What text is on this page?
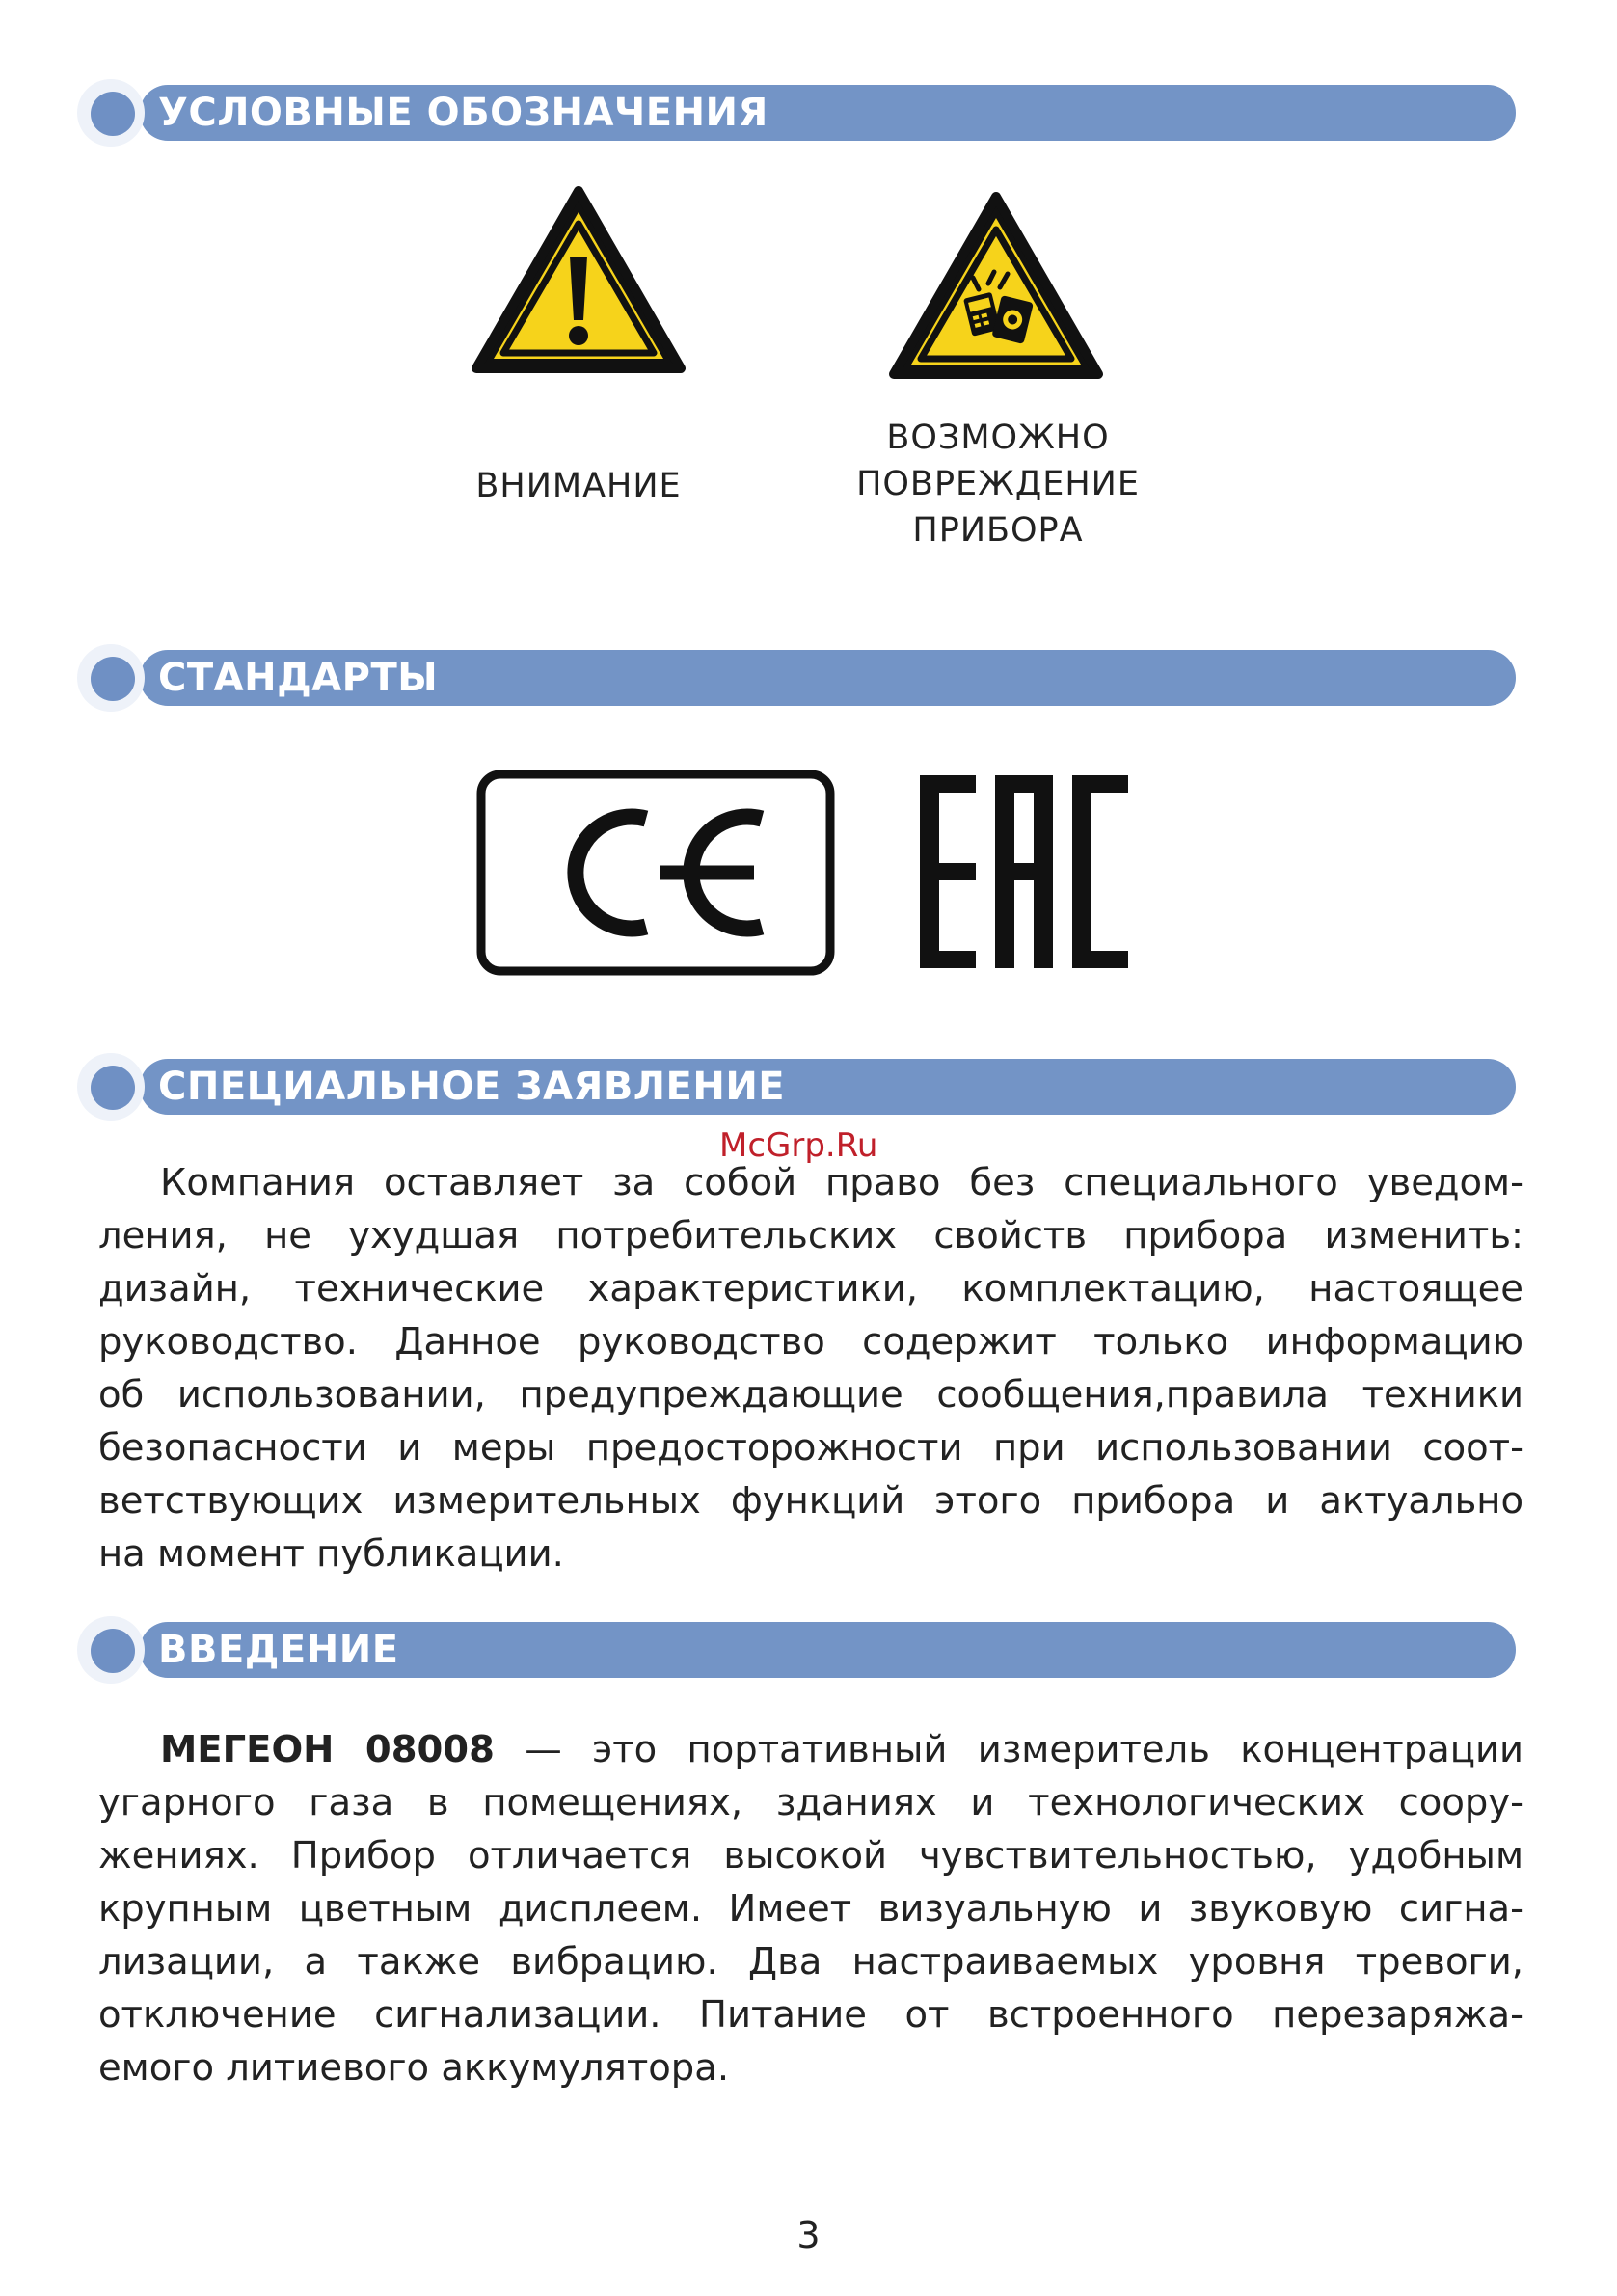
УСЛОВНЫЕ ОБОЗНАЧЕНИЯ
ВНИМАНИЕ
ВОЗМОЖНО
ПОВРЕЖДЕНИЕ
ПРИБОРА
СТАНДАРТЫ
СПЕЦИАЛЬНОЕ ЗАЯВЛЕНИЕ
McGrp.Ru
Компания оставляет за собой право без специального уведом-
ления, не ухудшая потребительских свойств прибора изменить:
дизайн, технические характеристики, комплектацию, настоящее
руководство. Данное руководство содержит только информацию
об использовании, предупреждающие сообщения,правила техники
безопасности и меры предосторожности при использовании соот-
ветствующих измерительных функций этого прибора и актуально
на момент публикации.
ВВЕДЕНИЕ
МЕГЕОН 08008 — это портативный измеритель концентрации
угарного газа в помещениях, зданиях и технологических соору-
жениях. Прибор отличается высокой чувствительностью, удобным
крупным цветным дисплеем. Имеет визуальную и звуковую сигна-
лизации, а также вибрацию. Два настраиваемых уровня тревоги,
отключение сигнализации. Питание от встроенного перезаряжа-
емого литиевого аккумулятора.
3
